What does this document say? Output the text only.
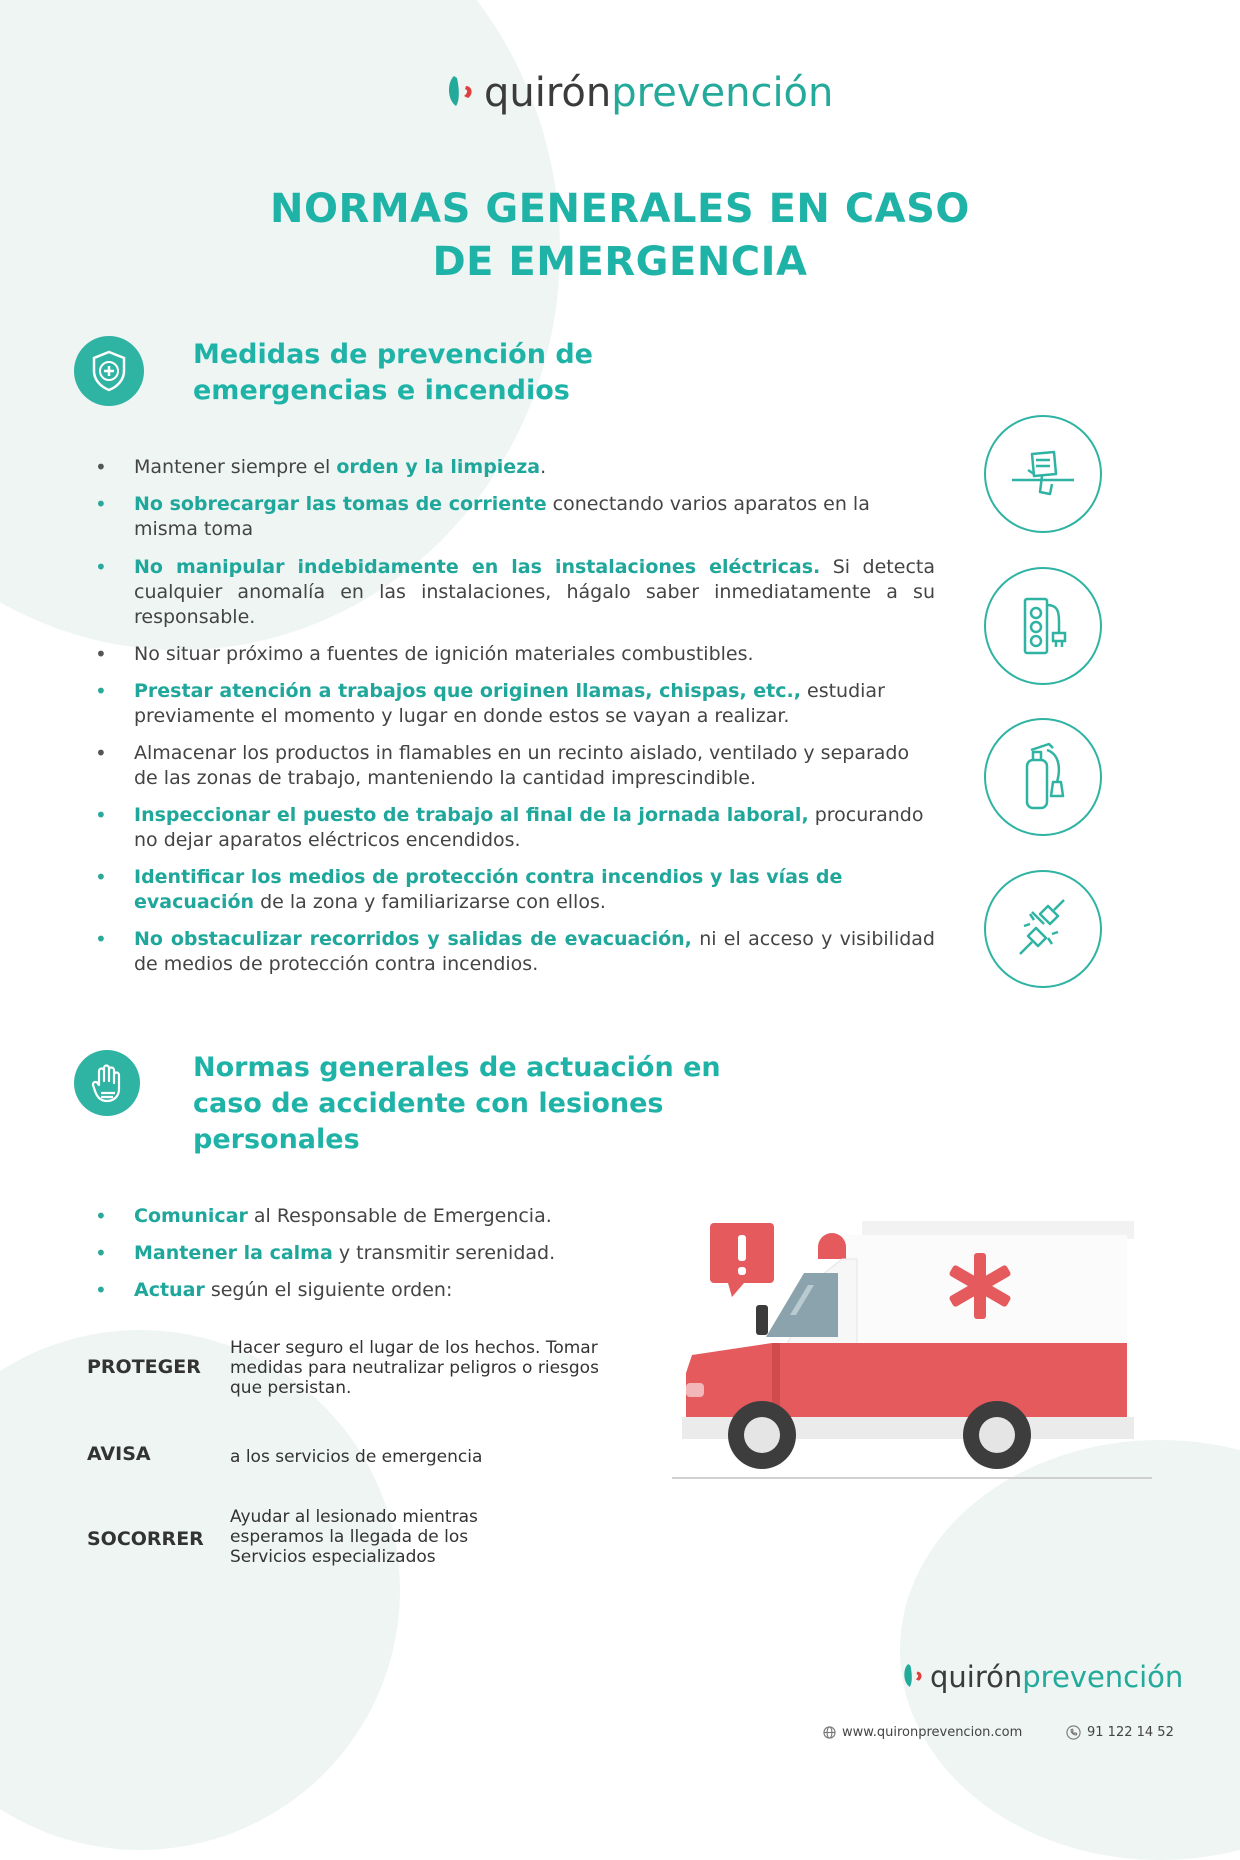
quirón prevención
NORMAS GENERALES EN CASO
DE EMERGENCIA
Medidas de prevención de
emergencias e incendios
• Mantener siempre el orden y la limpieza.
• No sobrecargar las tomas de corriente conectando varios aparatos en la misma toma
• No manipular indebidamente en las instalaciones eléctricas. Si detecta cualquier anomalía en las instalaciones, hágalo saber inmediatamente a su responsable.
• No situar próximo a fuentes de ignición materiales combustibles.
• Prestar atención a trabajos que originen llamas, chispas, etc., estudiar previamente el momento y lugar en donde estos se vayan a realizar.
• Almacenar los productos in flamables en un recinto aislado, ventilado y separado de las zonas de trabajo, manteniendo la cantidad imprescindible.
• Inspeccionar el puesto de trabajo al final de la jornada laboral, procurando no dejar aparatos eléctricos encendidos.
• Identificar los medios de protección contra incendios y las vías de evacuación de la zona y familiarizarse con ellos.
• No obstaculizar recorridos y salidas de evacuación, ni el acceso y visibilidad de medios de protección contra incendios.
Normas generales de actuación en
caso de accidente con lesiones
personales
• Comunicar al Responsable de Emergencia.
• Mantener la calma y transmitir serenidad.
• Actuar según el siguiente orden:
PROTEGER
Hacer seguro el lugar de los hechos. Tomar
medidas para neutralizar peligros o riesgos
que persistan.
AVISA	a los servicios de emergencia
SOCORRER
Ayudar al lesionado mientras
esperamos la llegada de los
Servicios especializados
quirón prevención
www.quironprevencion.com	91 122 14 52
